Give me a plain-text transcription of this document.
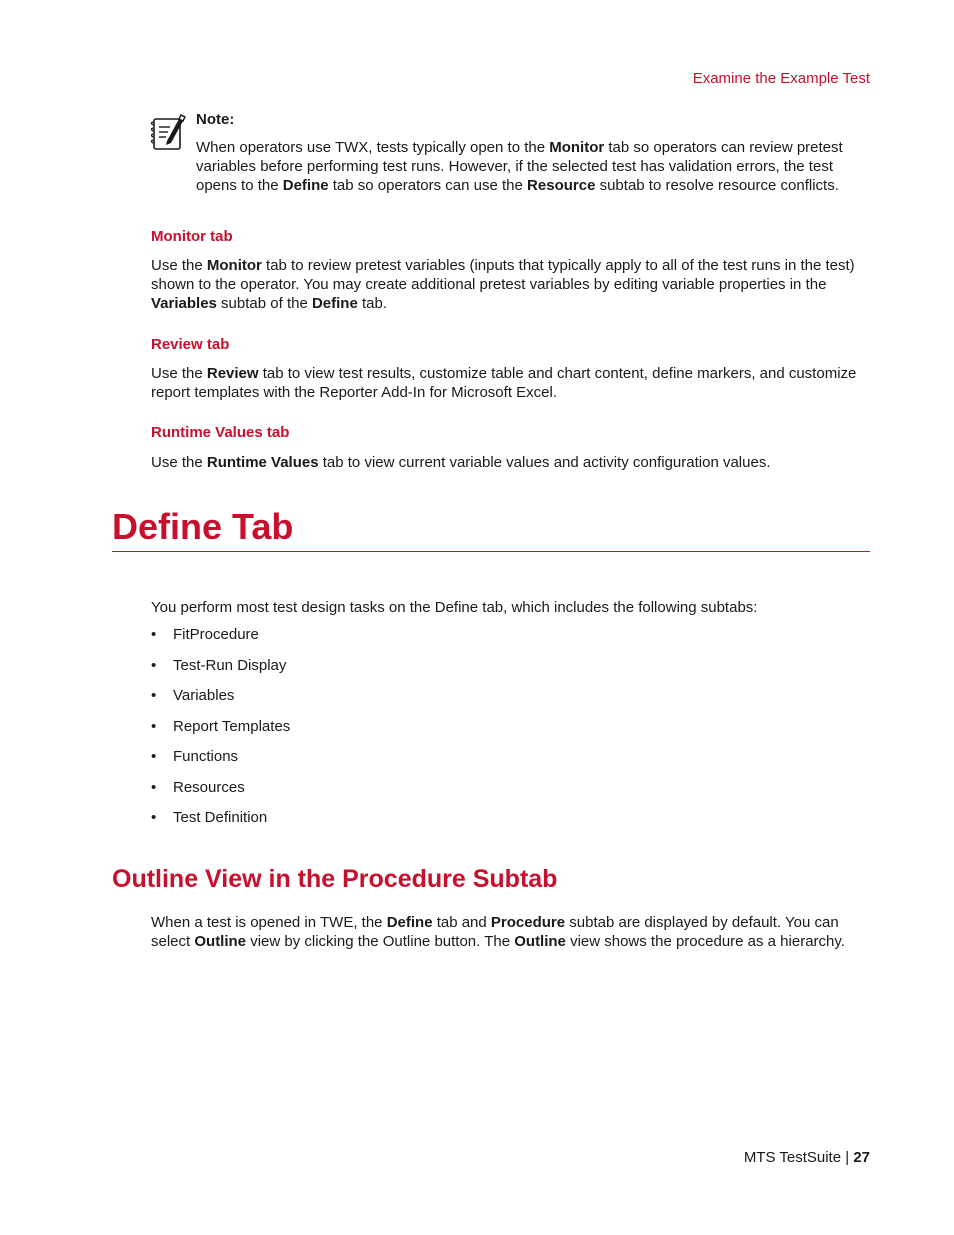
Examine the Example Test
Note:
When operators use TWX, tests typically open to the Monitor tab so operators can review pretest variables before performing test runs. However, if the selected test has validation errors, the test opens to the Define tab so operators can use the Resource subtab to resolve resource conflicts.
Monitor tab
Use the Monitor tab to review pretest variables (inputs that typically apply to all of the test runs in the test) shown to the operator. You may create additional pretest variables by editing variable properties in the Variables subtab of the Define tab.
Review tab
Use the Review tab to view test results, customize table and chart content, define markers, and customize report templates with the Reporter Add-In for Microsoft Excel.
Runtime Values tab
Use the Runtime Values tab to view current variable values and activity configuration values.
Define Tab
You perform most test design tasks on the Define tab, which includes the following subtabs:
•	FitProcedure
•	Test-Run Display
•	Variables
•	Report Templates
•	Functions
•	Resources
•	Test Definition
Outline View in the Procedure Subtab
When a test is opened in TWE, the Define tab and Procedure subtab are displayed by default. You can select Outline view by clicking the Outline button. The Outline view shows the procedure as a hierarchy.
MTS TestSuite | 27
